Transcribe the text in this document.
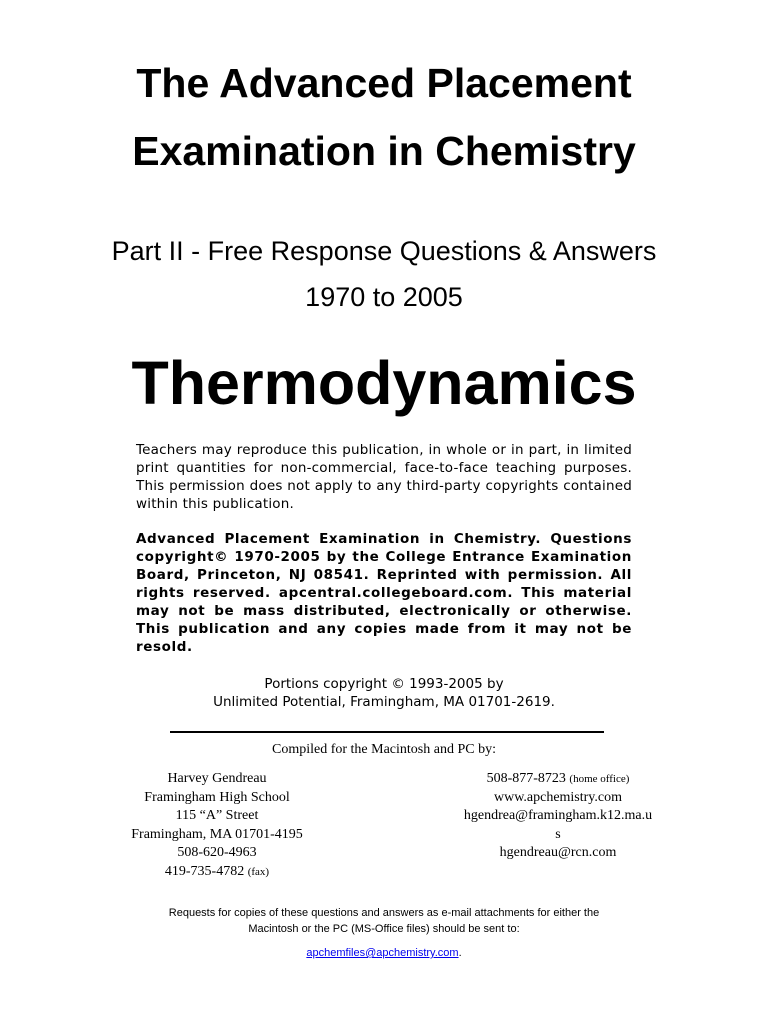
The Advanced Placement
Examination in Chemistry
Part II - Free Response Questions & Answers
1970 to 2005
Thermodynamics

Teachers may reproduce this publication, in whole or in part, in limited print quantities for non-commercial, face-to-face teaching purposes. This permission does not apply to any third-party copyrights contained within this publication.

Advanced Placement Examination in Chemistry. Questions copyright© 1970-2005 by the College Entrance Examination Board, Princeton, NJ 08541. Reprinted with permission. All rights reserved. apcentral.collegeboard.com. This material may not be mass distributed, electronically or otherwise. This publication and any copies made from it may not be resold.

Portions copyright © 1993-2005 by
Unlimited Potential, Framingham, MA 01701-2619.
Compiled for the Macintosh and PC by:
Harvey Gendreau
Framingham High School
115 “A” Street
Framingham, MA 01701-4195
508-620-4963
419-735-4782 (fax)
508-877-8723 (home office)
www.apchemistry.com
hgendrea@framingham.k12.ma.u
s
hgendreau@rcn.com
Requests for copies of these questions and answers as e-mail attachments for either the
Macintosh or the PC (MS-Office files) should be sent to:
apchemfiles@apchemistry.com.
